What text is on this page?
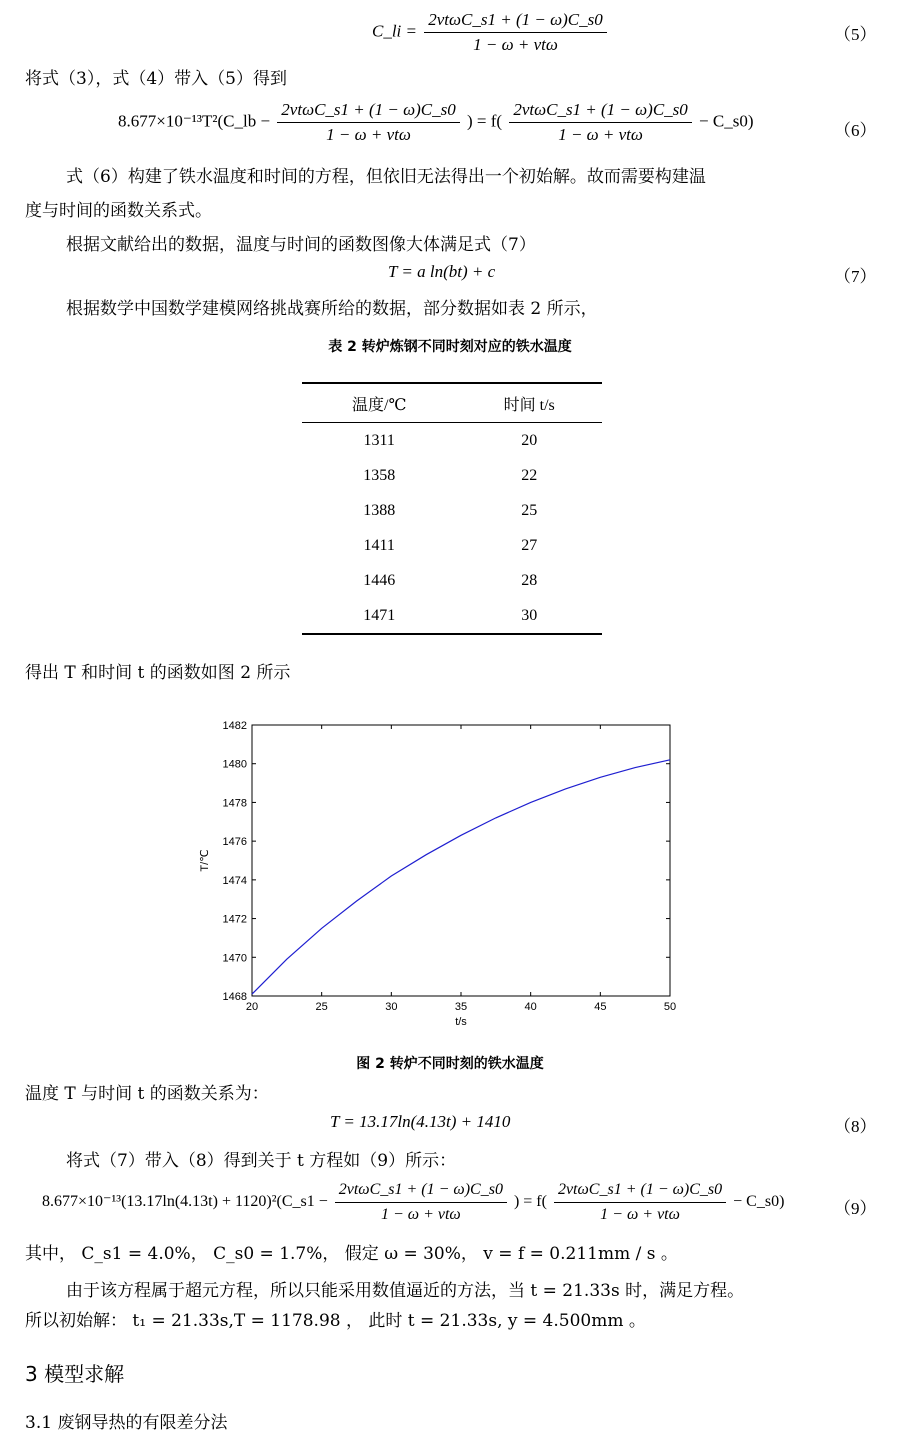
C_li = $\frac{\text{2vtωC\_s1 + (1 − ω)C\_s0}}{\text{1 − ω + vtω}}$	（5）
将式（3），式（4）带入（5）得到
8.677×10⁻¹³T²(C_lb − $\frac{\text{2vtωC\_s1 + (1 − ω)C\_s0}}{\text{1 − ω + vtω}}$ ) = $f( \frac{\text{2vtωC\_s1 + (1 − ω)C\_s0}}{\text{1 − ω + vtω}}$ − C_s0)
（6）
式（6）构建了铁水温度和时间的方程，但依旧无法得出一个初始解。故而需要构建温
度与时间的函数关系式。
根据文献给出的数据，温度与时间的函数图像大体满足式（7）
T = a ln(bt) + c	（7）
根据数学中国数学建模网络挑战赛所给的数据，部分数据如表 2 所示，
表 2 转炉炼钢不同时刻对应的铁水温度
温度/℃	时间 t/s
1311	20
1358	22
1388	25
1411	27
1446	28
1471	30
得出 T 和时间 t 的函数如图 2 所示
20	25	30	35	40	45	50
1468
1470
1472
1474
1476
1478
1480
1482
t/s
T/℃
图 2 转炉不同时刻的铁水温度
温度 T 与时间 t 的函数关系为：
T = 13.17ln(4.13t) + 1410	（8）
将式（7）带入（8）得到关于 t 方程如（9）所示：
8.677×10⁻¹³(13.17ln(4.13t) + 1120)²(C_s1 − $\frac{\text{2vtωC\_s1 + (1 − ω)C\_s0}}{\text{1 − ω + vtω}}$ ) = $f( \frac{\text{2vtωC\_s1 + (1 − ω)C\_s0}}{\text{1 − ω + vtω}}$ − C_s0)	（9）
其中， C_s1 = 4.0%， C_s0 = 1.7%， 假定 ω = 30%， v = f = 0.211mm / s 。
由于该方程属于超元方程，所以只能采用数值逼近的方法，当 t = 21.33s 时，满足方程。
所以初始解： t₁ = 21.33s,T = 1178.98 ， 此时 t = 21.33s, y = 4.500mm 。
3 模型求解
3.1 废钢导热的有限差分法
